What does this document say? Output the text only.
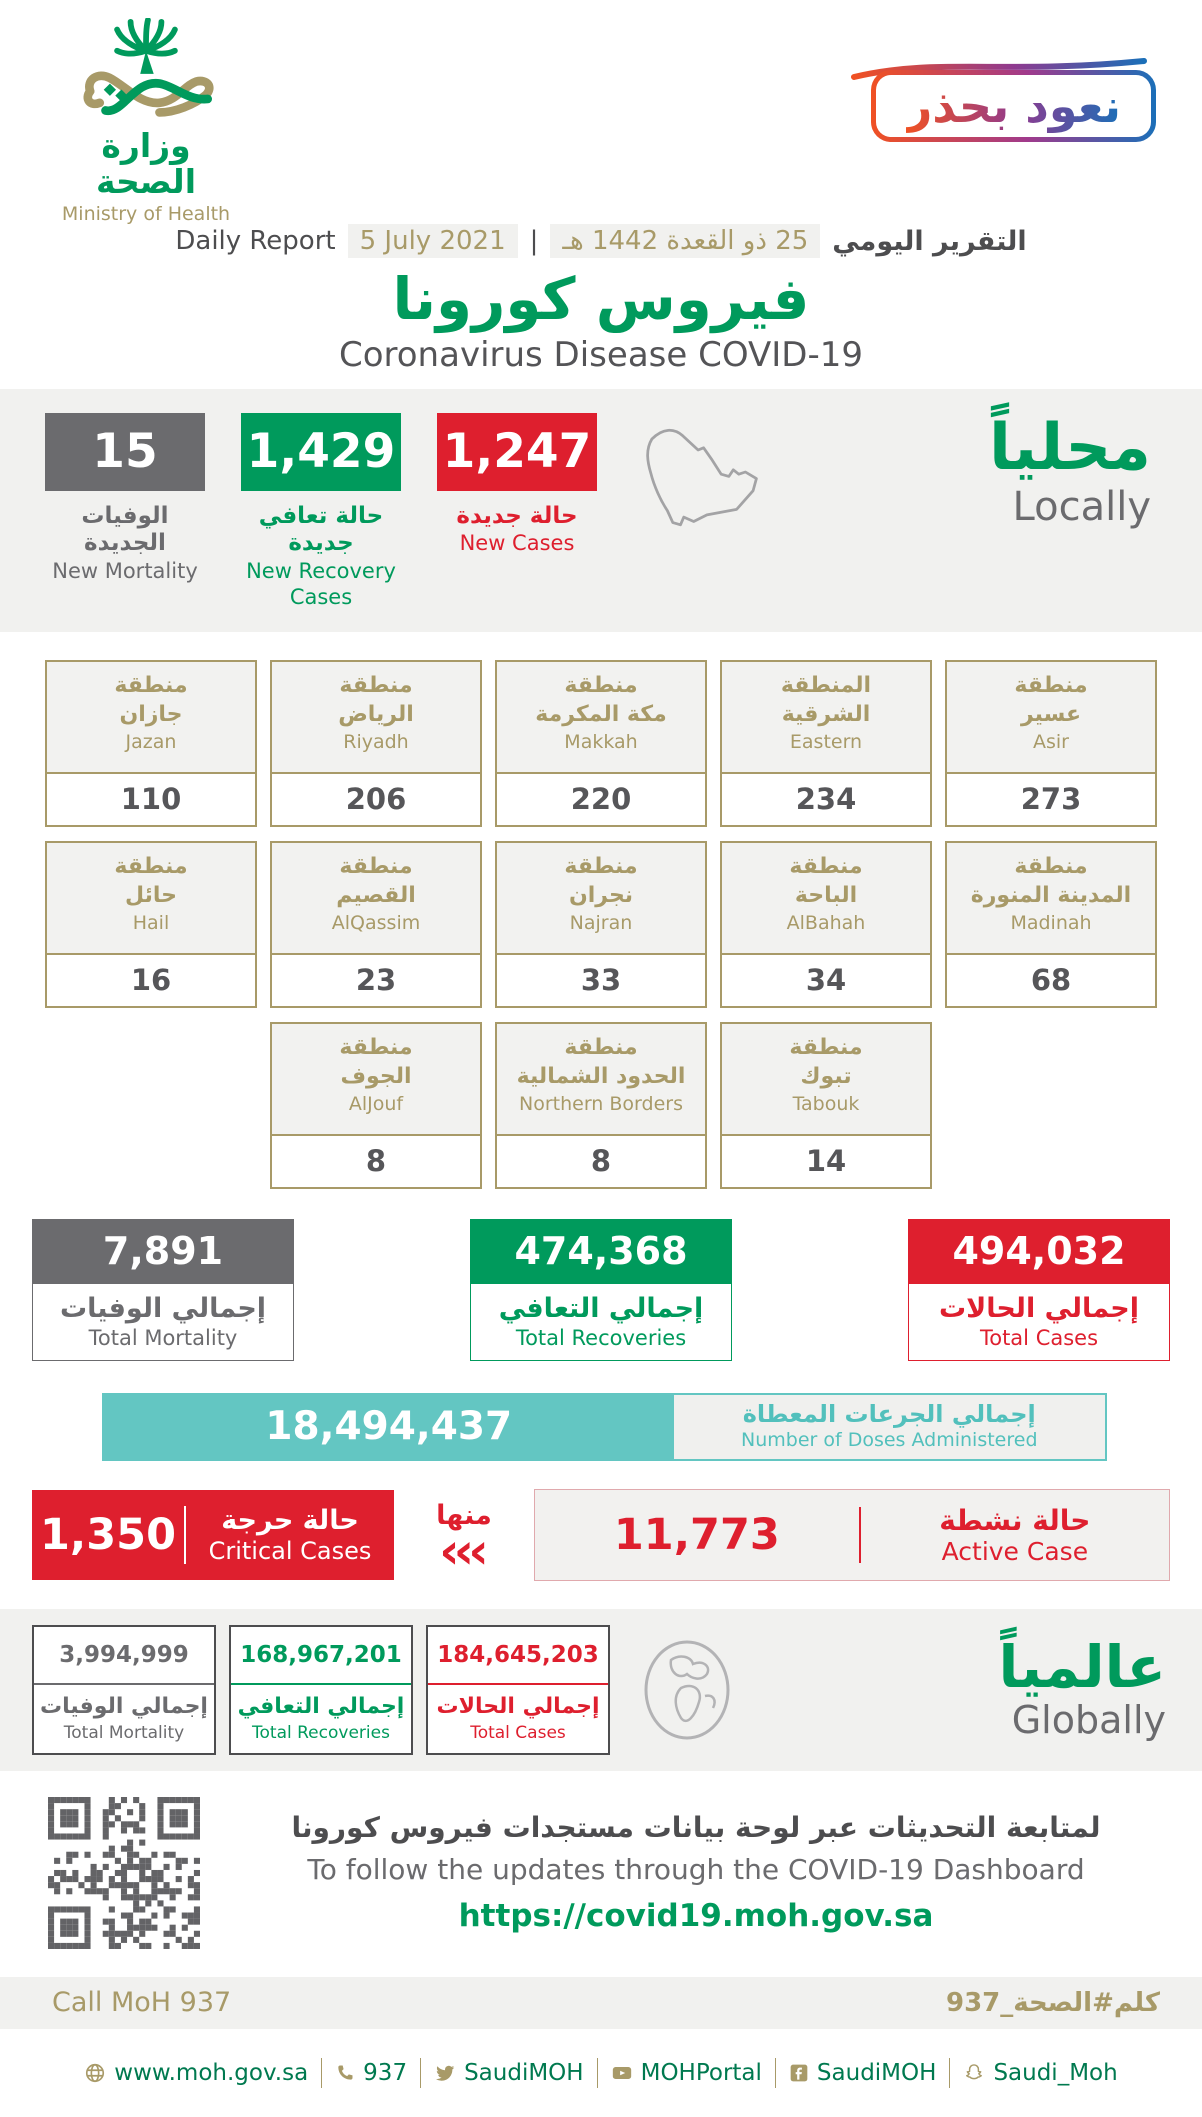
وزارة الصحة
Ministry of Health
نعود بحذر
Daily Report 5 July 2021 | 25 ذو القعدة 1442 هـ التقرير اليومي
فيروس كورونا
Coronavirus Disease COVID-19
15
الوفيات الجديدة
New Mortality
1,429
حالة تعافي جديدة
New Recovery Cases
1,247
حالة جديدة
New Cases
محلياً
Locally
منطقة
جازان
Jazan
110
منطقة
الرياض
Riyadh
206
منطقة
مكة المكرمة
Makkah
220
المنطقة
الشرقية
Eastern
234
منطقة
عسير
Asir
273
منطقة
حائل
Hail
16
منطقة
القصيم
AlQassim
23
منطقة
نجران
Najran
33
منطقة
الباحة
AlBahah
34
منطقة
المدينة المنورة
Madinah
68
منطقة
الجوف
AlJouf
8
منطقة
الحدود الشمالية
Northern Borders
8
منطقة
تبوك
Tabouk
14
7,891
إجمالي الوفيات
Total Mortality
474,368
إجمالي التعافي
Total Recoveries
494,032
إجمالي الحالات
Total Cases
18,494,437	إجمالي الجرعات المعطاة
Number of Doses Administered
1,350	حالة حرجة
Critical Cases
منها
‹‹‹	11,773	حالة نشطة
Active Case
3,994,999
إجمالي الوفيات
Total Mortality
168,967,201
إجمالي التعافي
Total Recoveries
184,645,203
إجمالي الحالات
Total Cases
عالمياً
Globally
لمتابعة التحديثات عبر لوحة بيانات مستجدات فيروس كورونا
To follow the updates through the COVID-19 Dashboard
https://covid19.moh.gov.sa
Call MoH 937	كلم#الصحة_937
www.moh.gov.sa 937 SaudiMOH MOHPortal SaudiMOH Saudi_Moh
